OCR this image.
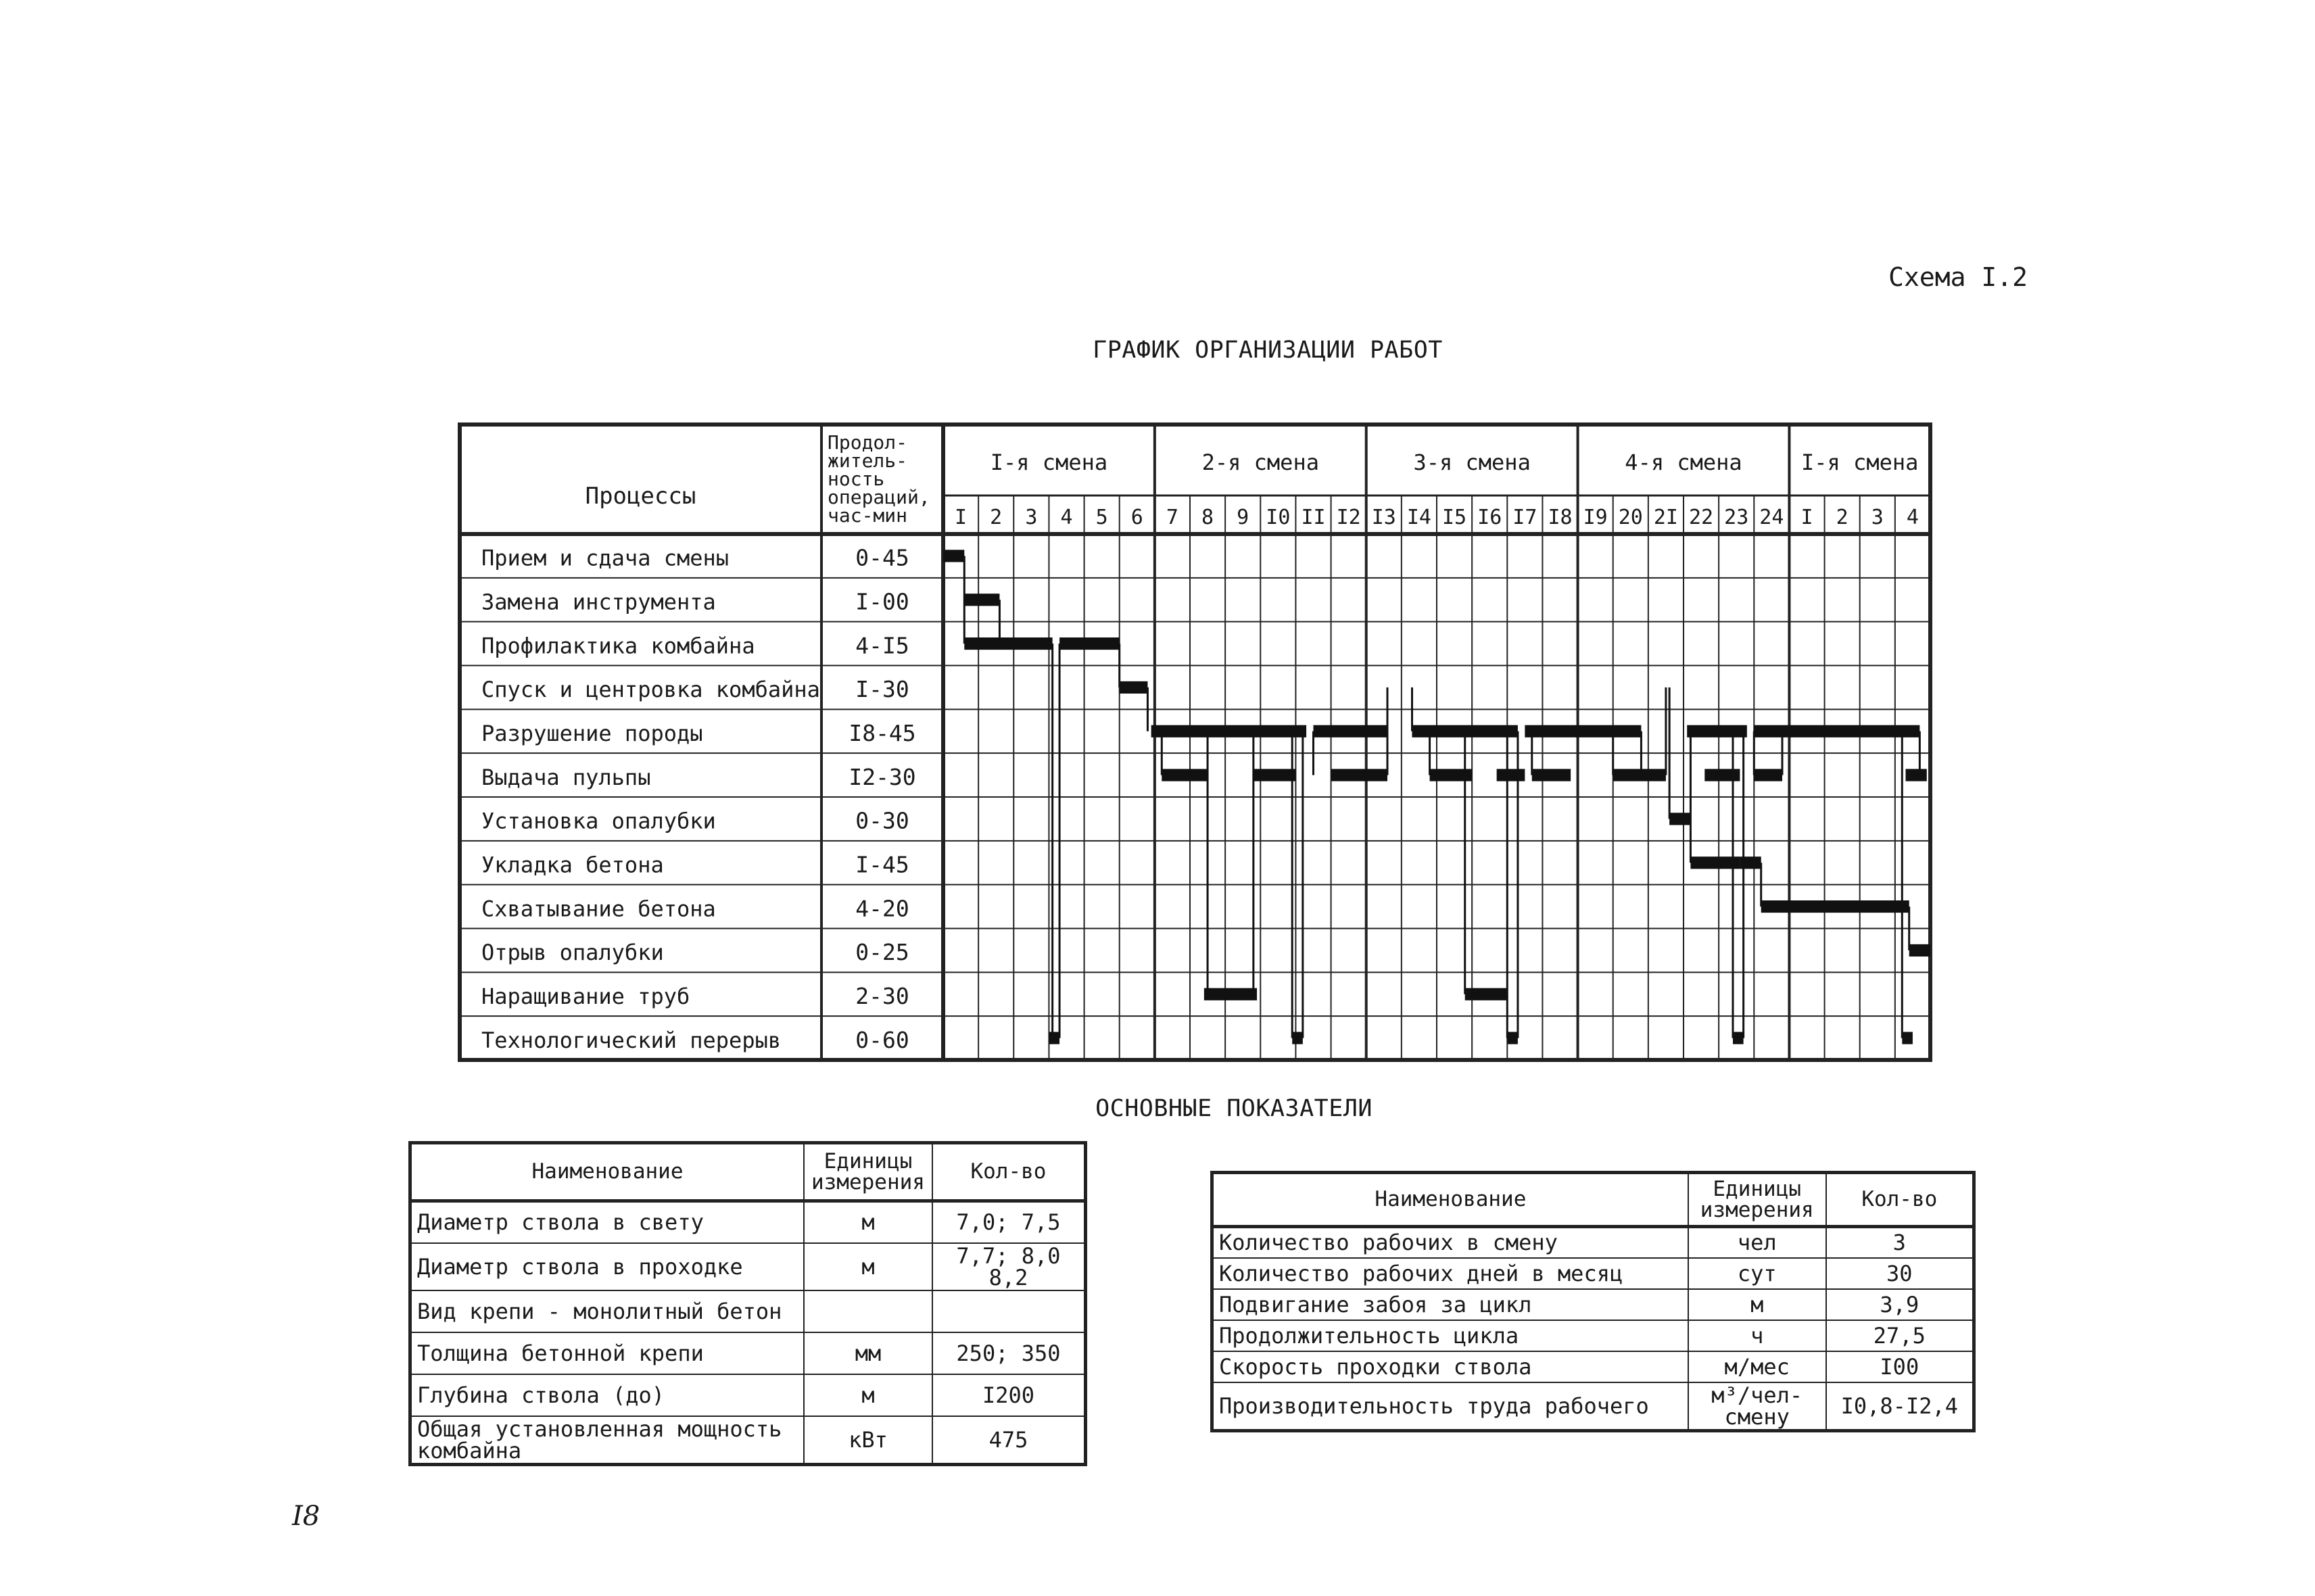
Схема I.2
ГРАФИК ОРГАНИЗАЦИИ РАБОТ
Процессы
Продол-
житель-
ность
операций,
час-мин
I-я смена	2-я смена	3-я смена	4-я смена	I-я смена
I 2 3 4 5 6 7 8 9 I0 II I2 I3 I4 I5 I6 I7 I8 I9 20 2I 22 23 24 I 2 3 4
Прием и сдача смены	0-45
Замена инструмента	I-00
Профилактика комбайна	4-I5
Спуск и центровка комбайна I-30
Разрушение породы	I8-45
Выдача пульпы	I2-30
Установка опалубки	0-30
Укладка бетона	I-45
Схватывание бетона	4-20
Отрыв опалубки	0-25
Наращивание труб	2-30
Технологический перерыв	0-60
ОСНОВНЫЕ ПОКАЗАТЕЛИ
Наименование	Единицы измерения	Кол-во
Диаметр ствола в свету	м	7,0; 7,5
Диаметр ствола в проходке	м	7,7; 8,0 8,2
Вид крепи - монолитный бетон		
Толщина бетонной крепи	мм	250; 350
Глубина ствола (до)	м	I200
Общая установленная мощность комбайна	кВт	475
Наименование	Единицы измерения	Кол-во
Количество рабочих в смену	чел	3
Количество рабочих дней в месяц	сут	30
Подвигание забоя за цикл	м	3,9
Продолжительность цикла	ч	27,5
Скорость проходки ствола	м/мес	I00
Производительность труда рабочего	м³/чел-смену	I0,8-I2,4
I8
